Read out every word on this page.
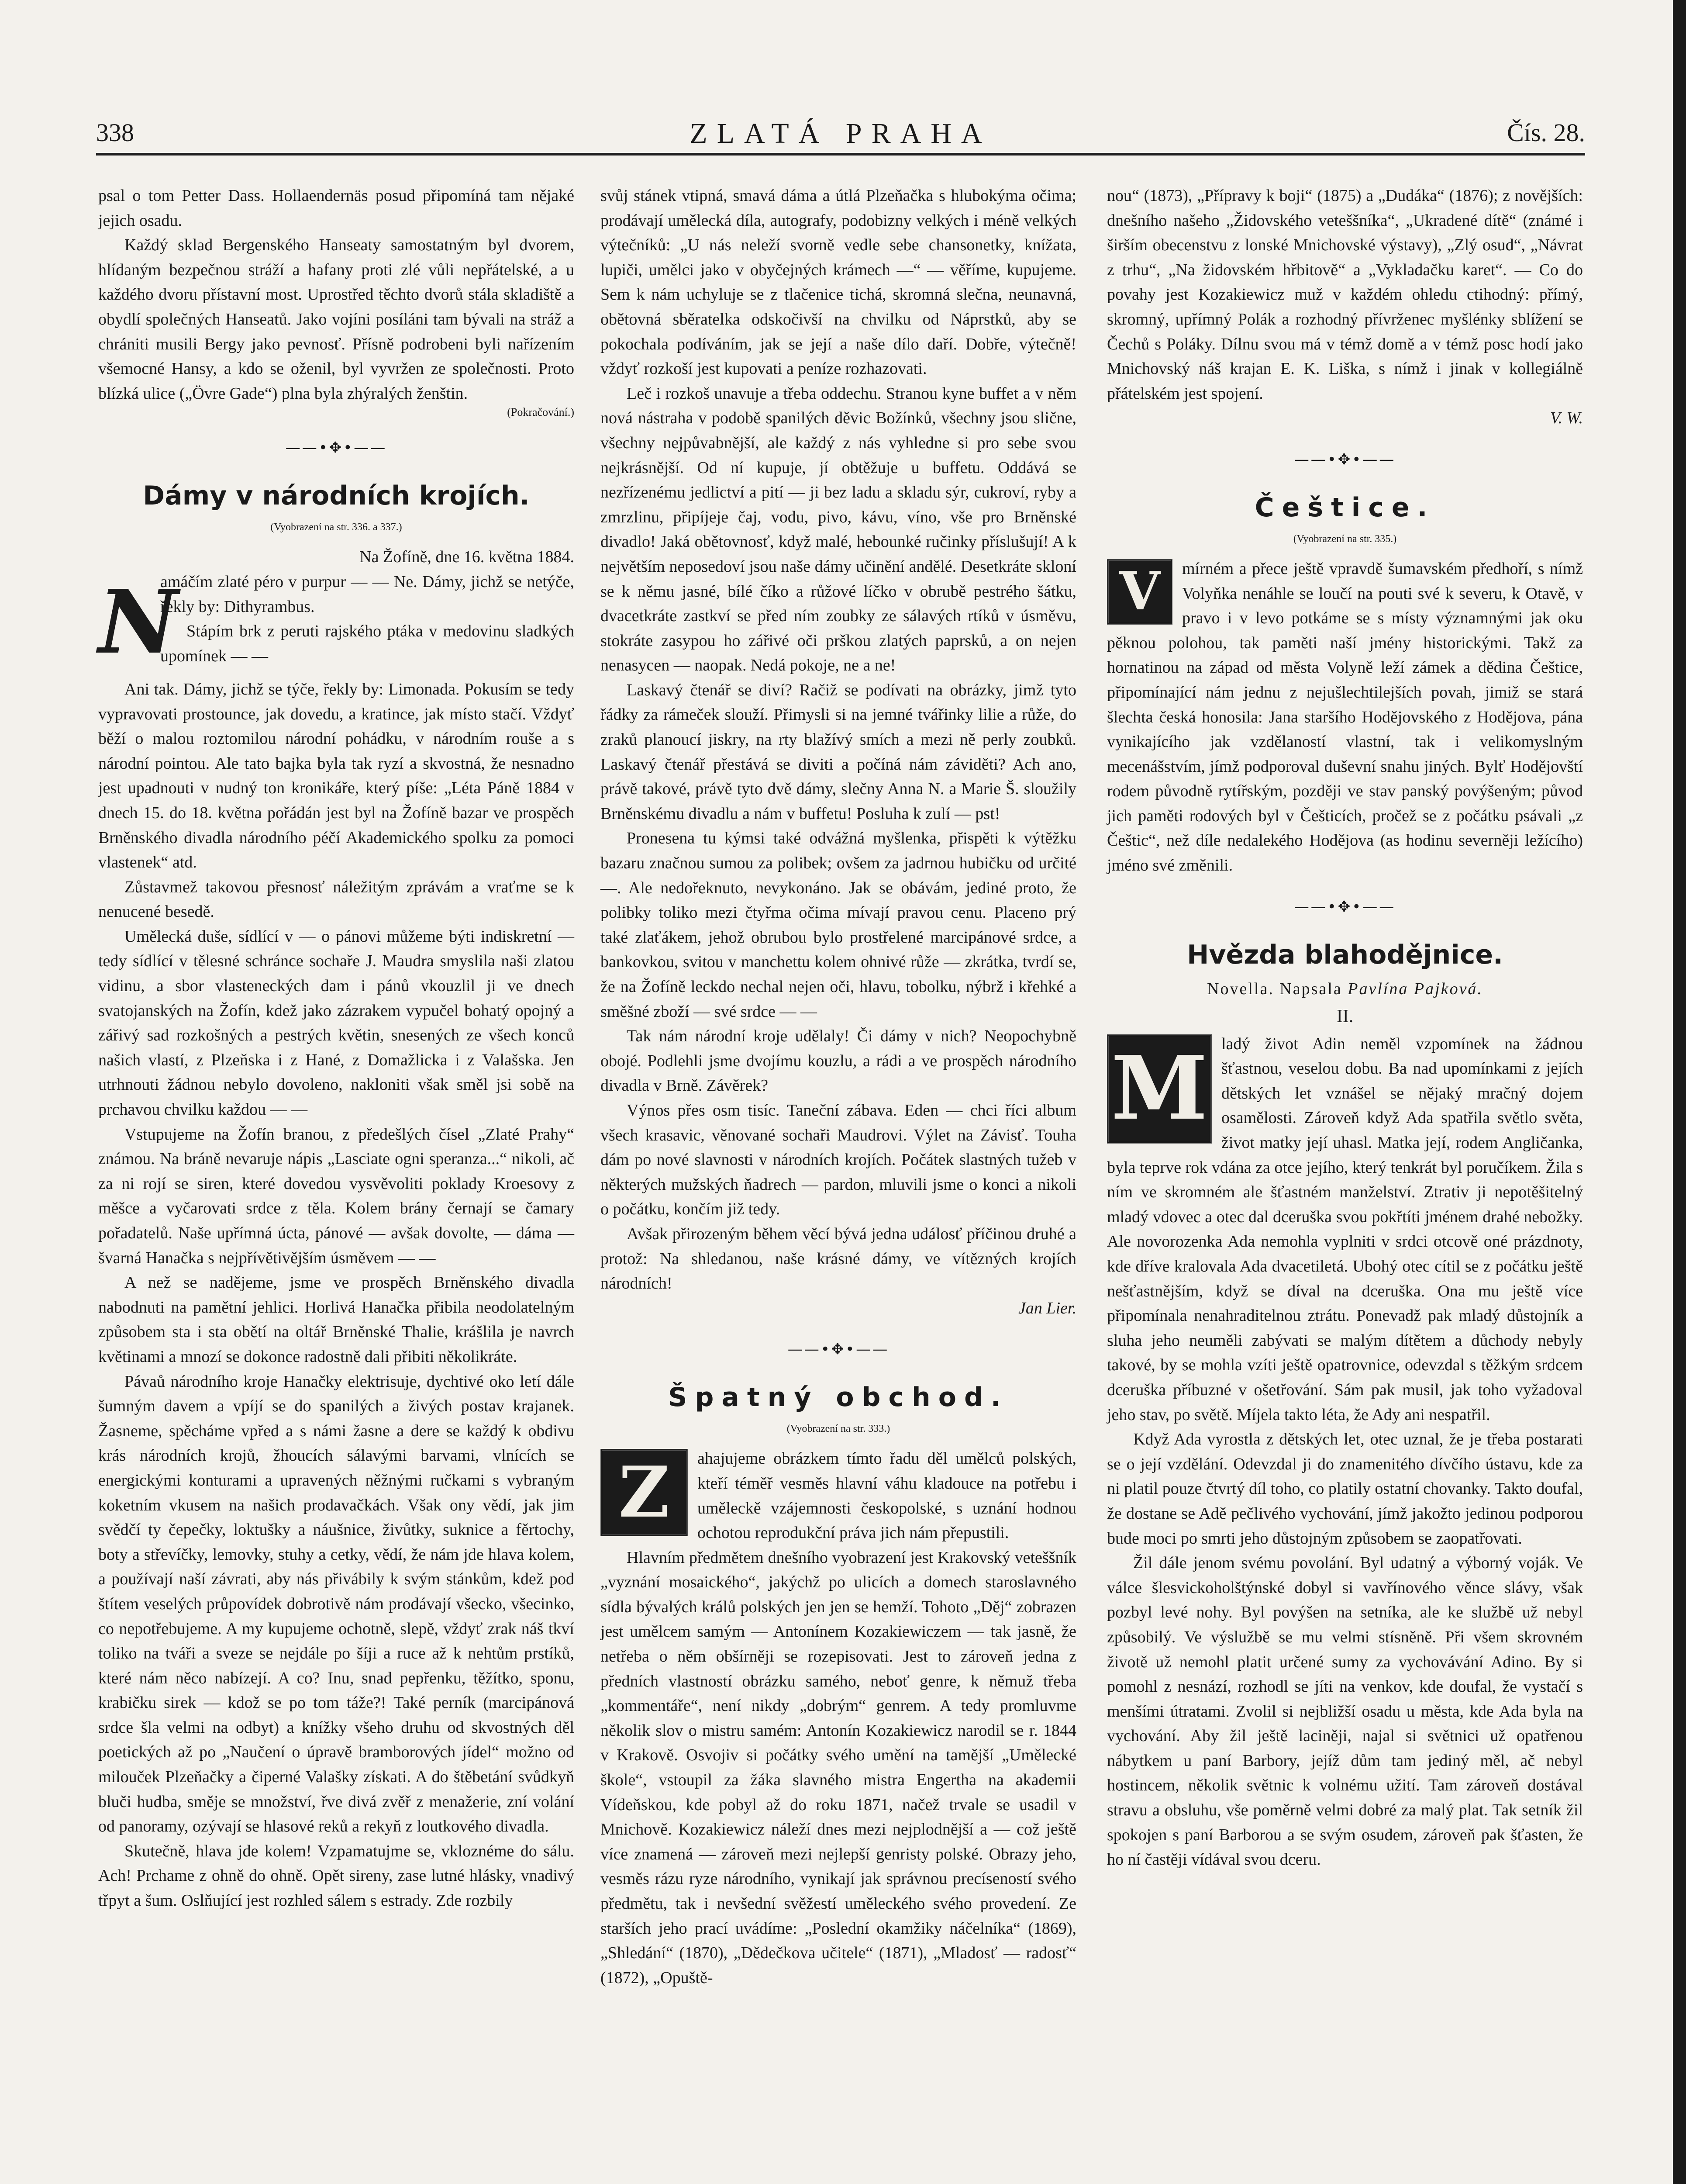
338	ZLATÁ PRAHA	Čís. 28.

psal o tom Petter Dass. Hollaendernäs posud připomíná tam nějaké jejich osadu.

Každý sklad Bergenského Hanseaty samostatným byl dvorem, hlídaným bezpečnou stráží a hafany proti zlé vůli nepřátelské, a u každého dvoru přístavní most. Uprostřed těchto dvorů stála skladiště a obydlí společných Hanseatů. Jako vojíni posíláni tam bývali na stráž a chrániti musili Bergy jako pevnosť. Přísně podrobeni byli nařízením všemocné Hansy, a kdo se oženil, byl vyvržen ze společnosti. Proto blízká ulice („Övre Gade“) plna byla zhýralých ženštin.

(Pokračování.)
——•✥•——
Dámy v národních krojích.
(Vyobrazení na str. 336. a 337.)
Na Žofíně, dne 16. května 1884.
N

amáčím zlaté péro v purpur — — Ne. Dámy, jichž se netýče, řekly by: Dithyrambus.

Stápím brk z peruti rajského ptáka v medovinu sladkých upomínek — —

Ani tak. Dámy, jichž se týče, řekly by: Limonada. Pokusím se tedy vypravovati prostounce, jak dovedu, a kratince, jak místo stačí. Vždyť běží o malou roztomilou národní pohádku, v národním rouše a s národní pointou. Ale tato bajka byla tak ryzí a skvostná, že nesnadno jest upadnouti v nudný ton kronikáře, který píše: „Léta Páně 1884 v dnech 15. do 18. května pořádán jest byl na Žofíně bazar ve prospěch Brněnského divadla národního péčí Akademického spolku za pomoci vlastenek“ atd.

Zůstavmež takovou přesnosť náležitým zprávám a vraťme se k nenucené besedě.

Umělecká duše, sídlící v — o pánovi můžeme býti indiskretní — tedy sídlící v tělesné schránce sochaře J. Maudra smyslila naši zlatou vidinu, a sbor vlasteneckých dam i pánů vkouzlil ji ve dnech svatojanských na Žofín, kdež jako zázrakem vypučel bohatý opojný a zářivý sad rozkošných a pestrých květin, snesených ze všech konců našich vlastí, z Plzeňska i z Hané, z Domažlicka i z Valašska. Jen utrhnouti žádnou nebylo dovoleno, nakloniti však směl jsi sobě na prchavou chvilku každou — —

Vstupujeme na Žofín branou, z předešlých čísel „Zlaté Prahy“ známou. Na bráně nevaruje nápis „Lasciate ogni speranza...“ nikoli, ač za ni rojí se siren, které dovedou vysvěvoliti poklady Kroesovy z měšce a vyčarovati srdce z těla. Kolem brány černají se čamary pořadatelů. Naše upřímná úcta, pánové — avšak dovolte, — dáma — švarná Hanačka s nejpřívětivějším úsměvem — —

A než se nadějeme, jsme ve prospěch Brněnského divadla nabodnuti na pamětní jehlici. Horlivá Hanačka přibila neodolatelným způsobem sta i sta obětí na oltář Brněnské Thalie, krášlila je navrch květinami a mnozí se dokonce radostně dali přibiti několikráte.

Pávaů národního kroje Hanačky elektrisuje, dychtivé oko letí dále šumným davem a vpíjí se do spanilých a živých postav krajanek. Žasneme, spěcháme vpřed a s námi žasne a dere se každý k obdivu krás národních krojů, žhoucích sálavými barvami, vlnících se energickými konturami a upravených něžnými ručkami s vybraným koketním vkusem na našich prodavačkách. Však ony vědí, jak jim svědčí ty čepečky, loktušky a náušnice, živůtky, suknice a fěrtochy, boty a střevíčky, lemovky, stuhy a cetky, vědí, že nám jde hlava kolem, a používají naší závrati, aby nás přivábily k svým stánkům, kdež pod štítem veselých průpovídek dobrotivě nám prodávají všecko, všecinko, co nepotřebujeme. A my kupujeme ochotně, slepě, vždyť zrak náš tkví toliko na tváři a sveze se nejdále po šíji a ruce až k nehtům prstíků, které nám něco nabízejí. A co? Inu, snad pepřenku, těžítko, sponu, krabičku sirek — kdož se po tom táže?! Také perník (marcipánová srdce šla velmi na odbyt) a knížky všeho druhu od skvostných děl poetických až po „Naučení o úpravě bramborových jídel“ možno od milouček Plzeňačky a čiperné Valašky získati. A do štěbetání svůdkyň bluči hudba, směje se množství, řve divá zvěř z menažerie, zní volání od panoramy, ozývají se hlasové reků a rekyň z loutkového divadla.

Skutečně, hlava jde kolem! Vzpamatujme se, vkloznéme do sálu. Ach! Prchame z ohně do ohně. Opět sireny, zase lutné hlásky, vnadivý třpyt a šum. Oslňující jest rozhled sálem s estrady. Zde rozbily

svůj stánek vtipná, smavá dáma a útlá Plzeňačka s hlubokýma očima; prodávají umělecká díla, autografy, podobizny velkých i méně velkých výtečníků: „U nás neleží svorně vedle sebe chansonetky, knížata, lupiči, umělci jako v obyčejných krámech —“ — věříme, kupujeme. Sem k nám uchyluje se z tlačenice tichá, skromná slečna, neunavná, obětovná sběratelka odskočivší na chvilku od Náprstků, aby se pokochala podíváním, jak se její a naše dílo daří. Dobře, výtečně! vždyť rozkoší jest kupovati a peníze rozhazovati.

Leč i rozkoš unavuje a třeba oddechu. Stranou kyne buffet a v něm nová nástraha v podobě spanilých děvic Božínků, všechny jsou slične, všechny nejpůvabnější, ale každý z nás vyhledne si pro sebe svou nejkrásnější. Od ní kupuje, jí obtěžuje u buffetu. Oddává se nezřízenému jedlictví a pití — ji bez ladu a skladu sýr, cukroví, ryby a zmrzlinu, připíjeje čaj, vodu, pivo, kávu, víno, vše pro Brněnské divadlo! Jaká obětovnosť, když malé, hebounké ručinky příslušují! A k největším neposedoví jsou naše dámy učinění andělé. Desetkráte skloní se k němu jasné, bílé číko a růžové líčko v obrubě pestrého šátku, dvacetkráte zastkví se před ním zoubky ze sálavých rtíků v úsměvu, stokráte zasypou ho zářivé oči prškou zlatých paprsků, a on nejen nenasycen — naopak. Nedá pokoje, ne a ne!

Laskavý čtenář se diví? Račiž se podívati na obrázky, jimž tyto řádky za rámeček slouží. Přimysli si na jemné tvářinky lilie a růže, do zraků planoucí jiskry, na rty blažívý smích a mezi ně perly zoubků. Laskavý čtenář přestává se diviti a počíná nám záviděti? Ach ano, právě takové, právě tyto dvě dámy, slečny Anna N. a Marie Š. sloužily Brněnskému divadlu a nám v buffetu! Posluha k zulí — pst!

Pronesena tu kýmsi také odvážná myšlenka, přispěti k výtěžku bazaru značnou sumou za polibek; ovšem za jadrnou hubičku od určité —. Ale nedořeknuto, nevykonáno. Jak se obávám, jediné proto, že polibky toliko mezi čtyřma očima mívají pravou cenu. Placeno prý také zlaťákem, jehož obrubou bylo prostřelené marcipánové srdce, a bankovkou, svitou v manchettu kolem ohnivé růže — zkrátka, tvrdí se, že na Žofíně leckdo nechal nejen oči, hlavu, tobolku, nýbrž i křehké a směšné zboží — své srdce — —

Tak nám národní kroje udělaly! Či dámy v nich? Neopochybně obojé. Podlehli jsme dvojímu kouzlu, a rádi a ve prospěch národního divadla v Brně. Závěrek?

Výnos přes osm tisíc. Taneční zábava. Eden — chci říci album všech krasavic, věnované sochaři Maudrovi. Výlet na Závisť. Touha dám po nové slavnosti v národních krojích. Počátek slastných tužeb v některých mužských ňadrech — pardon, mluvili jsme o konci a nikoli o počátku, končím již tedy.

Avšak přirozeným během věcí bývá jedna událosť příčinou druhé a protož: Na shledanou, naše krásné dámy, ve vítězných krojích národních!

Jan Lier.
——•✥•——
Špatný obchod.
(Vyobrazení na str. 333.)
Z	ahajujeme obrázkem tímto řadu děl umělců polských, kteří téměř vesměs hlavní váhu kladouce na potřebu i uměleckě vzájemnosti českopolské, s uznání hodnou ochotou reprodukční práva jich nám přepustili.

Hlavním předmětem dnešního vyobrazení jest Krakovský veteššník „vyznání mosaického“, jakýchž po ulicích a domech staroslavného sídla bývalých králů polských jen jen se hemží. Tohoto „Děj“ zobrazen jest umělcem samým — Antonínem Kozakiewiczem — tak jasně, že netřeba o něm obšírněji se rozepisovati. Jest to zároveň jedna z předních vlastností obrázku samého, neboť genre, k němuž třeba „kommentáře“, není nikdy „dobrým“ genrem. A tedy promluvme několik slov o mistru samém: Antonín Kozakiewicz narodil se r. 1844 v Krakově. Osvojiv si počátky svého umění na tamější „Umělecké škole“, vstoupil za žáka slavného mistra Engertha na akademii Vídeňskou, kde pobyl až do roku 1871, načež trvale se usadil v Mnichově. Kozakiewicz náleží dnes mezi nejplodnější a — což ještě více znamená — zároveň mezi nejlepší genristy polské. Obrazy jeho, vesměs rázu ryze národního, vynikají jak správnou precíseností svého předmětu, tak i nevšední svěžestí uměleckého svého provedení. Ze starších jeho prací uvádíme: „Poslední okamžiky náčelníka“ (1869), „Shledání“ (1870), „Dědečkova učitele“ (1871), „Mladosť — radosť“ (1872), „Opuště-

nou“ (1873), „Přípravy k boji“ (1875) a „Dudáka“ (1876); z novějších: dnešního našeho „Židovského veteššníka“, „Ukradené dítě“ (známé i širším obecenstvu z lonské Mnichovské výstavy), „Zlý osud“, „Návrat z trhu“, „Na židovském hřbitově“ a „Vykladačku karet“. — Co do povahy jest Kozakiewicz muž v každém ohledu ctihodný: přímý, skromný, upřímný Polák a rozhodný přívrženec myšlénky sblížení se Čechů s Poláky. Dílnu svou má v témž domě a v témž posc hodí jako Mnichovský náš krajan E. K. Liška, s nímž i jinak v kollegiálně přátelském jest spojení.

V. W.
——•✥•——
Češtice.
(Vyobrazení na str. 335.)
V	mírném a přece ještě vpravdě šumavském předhoří, s nímž Volyňka nenáhle se loučí na pouti své k severu, k Otavě, v pravo i v levo potkáme se s místy významnými jak oku pěknou polohou, tak paměti naší jmény historickými. Takž za hornatinou na západ od města Volyně leží zámek a dědina Češtice, připomínající nám jednu z nejušlechtilejších povah, jimiž se stará šlechta česká honosila: Jana staršího Hodějovského z Hodějova, pána vynikajícího jak vzdělaností vlastní, tak i velikomyslným mecenášstvím, jímž podporoval duševní snahu jiných. Bylť Hodějovští rodem původně rytířským, později ve stav panský povýšeným; původ jich paměti rodových byl v Češticích, pročež se z počátku psávali „z Češtic“, než díle nedalekého Hodějova (as hodinu severněji ležícího) jméno své změnili.

——•✥•——
Hvězda blahodějnice.
Novella. Napsala Pavlína Pajková.
II.
M ladý život Adin neměl vzpomínek na žádnou šťastnou, veselou dobu. Ba nad upomínkami z jejích dětských let vznášel se nějaký mračný dojem osamělosti. Zároveň když Ada spatřila světlo světa, život matky její uhasl. Matka její, rodem Angličanka, byla teprve rok vdána za otce jejího, který tenkrát byl poručíkem. Žila s ním ve skromném ale šťastném manželství. Ztrativ ji nepotěšitelný mladý vdovec a otec dal dceruška svou pokřtíti jménem drahé nebožky. Ale novorozenka Ada nemohla vyplniti v srdci otcově oné prázdnoty, kde dříve kralovala Ada dvacetiletá. Ubohý otec cítil se z počátku ještě nešťastnějším, když se díval na dceruška. Ona mu ještě více připomínala nenahraditelnou ztrátu. Ponevadž pak mladý důstojník a sluha jeho neuměli zabývati se malým dítětem a důchody nebyly takové, by se mohla vzíti ještě opatrovnice, odevzdal s těžkým srdcem dceruška příbuzné v ošetřování. Sám pak musil, jak toho vyžadoval jeho stav, po světě. Míjela takto léta, že Ady ani nespatřil.

Když Ada vyrostla z dětských let, otec uznal, že je třeba postarati se o její vzdělání. Odevzdal ji do znamenitého dívčího ústavu, kde za ni platil pouze čtvrtý díl toho, co platily ostatní chovanky. Takto doufal, že dostane se Adě pečlivého vychování, jímž jakožto jedinou podporou bude moci po smrti jeho důstojným způsobem se zaopatřovati.

Žil dále jenom svému povolání. Byl udatný a výborný voják. Ve válce šlesvickoholštýnské dobyl si vavřínového věnce slávy, však pozbyl levé nohy. Byl povýšen na setníka, ale ke službě už nebyl způsobilý. Ve výslužbě se mu velmi stísněně. Při všem skrovném životě už nemohl platit určené sumy za vychovávání Adino. By si pomohl z nesnází, rozhodl se jíti na venkov, kde doufal, že vystačí s menšími útratami. Zvolil si nejbližší osadu u města, kde Ada byla na vychování. Aby žil ještě laciněji, najal si světnici už opatřenou nábytkem u paní Barbory, jejíž dům tam jediný měl, ač nebyl hostincem, několik světnic k volnému užití. Tam zároveň dostával stravu a obsluhu, vše poměrně velmi dobré za malý plat. Tak setník žil spokojen s paní Barborou a se svým osudem, zároveň pak šťasten, že ho ní častěji vídával svou dceru.
